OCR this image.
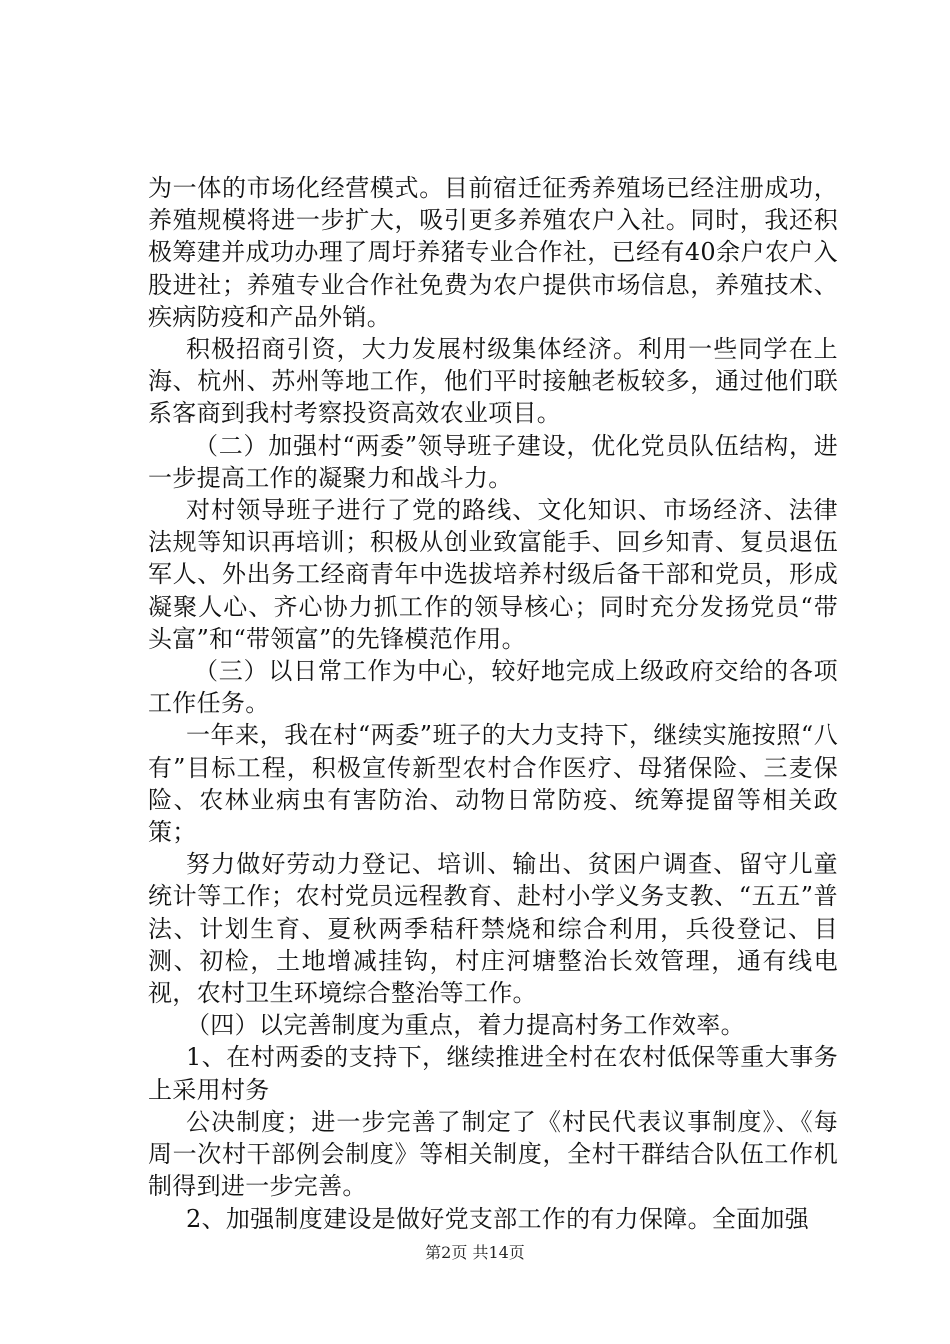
为一体的市场化经营模式。目前宿迁征秀养殖场已经注册成功，养殖规模将进一步扩大，吸引更多养殖农户入社。同时，我还积极筹建并成功办理了周圩养猪专业合作社，已经有40余户农户入股进社；养殖专业合作社免费为农户提供市场信息，养殖技术、疾病防疫和产品外销。

积极招商引资，大力发展村级集体经济。利用一些同学在上海、杭州、苏州等地工作，他们平时接触老板较多，通过他们联系客商到我村考察投资高效农业项目。

（二）加强村“两委”领导班子建设，优化党员队伍结构，进一步提高工作的凝聚力和战斗力。

对村领导班子进行了党的路线、文化知识、市场经济、法律法规等知识再培训；积极从创业致富能手、回乡知青、复员退伍军人、外出务工经商青年中选拔培养村级后备干部和党员，形成凝聚人心、齐心协力抓工作的领导核心；同时充分发扬党员“带头富”和“带领富”的先锋模范作用。

（三）以日常工作为中心，较好地完成上级政府交给的各项工作任务。

一年来，我在村“两委”班子的大力支持下，继续实施按照“八有”目标工程，积极宣传新型农村合作医疗、母猪保险、三麦保险、农林业病虫有害防治、动物日常防疫、统筹提留等相关政策；

努力做好劳动力登记、培训、输出、贫困户调查、留守儿童统计等工作；农村党员远程教育、赴村小学义务支教、“五五”普法、计划生育、夏秋两季秸秆禁烧和综合利用，兵役登记、目测、初检，土地增减挂钩，村庄河塘整治长效管理，通有线电视，农村卫生环境综合整治等工作。

（四）以完善制度为重点，着力提高村务工作效率。

1、在村两委的支持下，继续推进全村在农村低保等重大事务上采用村务

公决制度；进一步完善了制定了《村民代表议事制度》、《每周一次村干部例会制度》等相关制度，全村干群结合队伍工作机制得到进一步完善。

2、加强制度建设是做好党支部工作的有力保障。全面加强

第2页 共14页
